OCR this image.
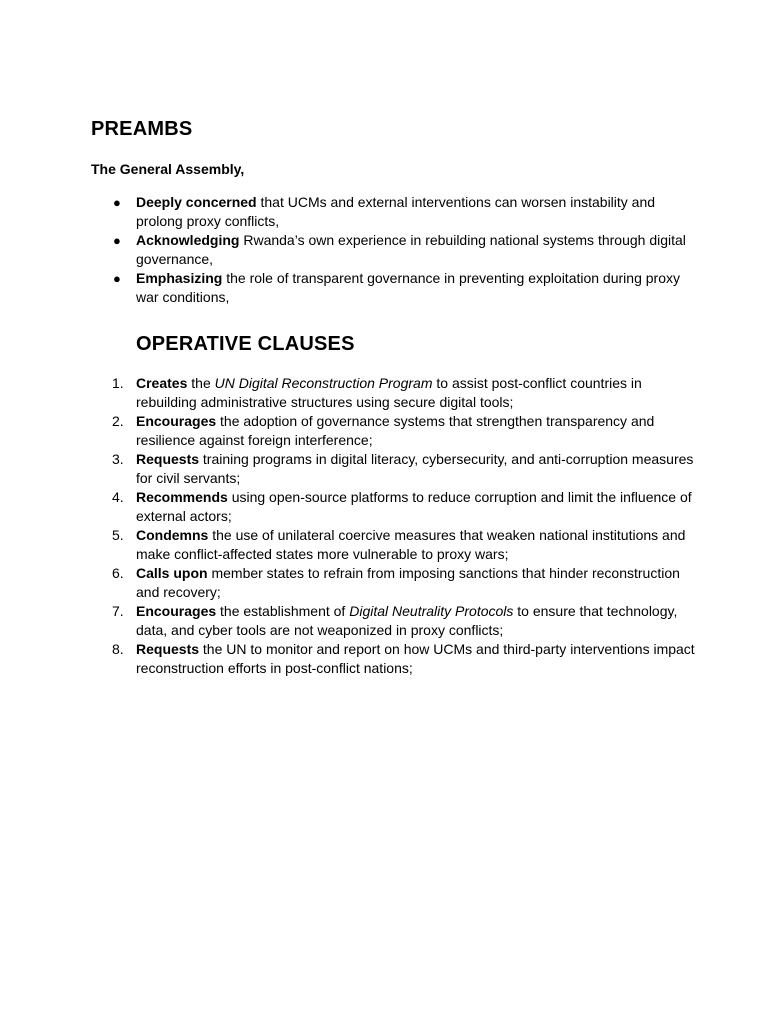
PREAMBS

The General Assembly,

● Deeply concerned that UCMs and external interventions can worsen instability and prolong proxy conflicts,
● Acknowledging Rwanda’s own experience in rebuilding national systems through digital governance,
● Emphasizing the role of transparent governance in preventing exploitation during proxy war conditions,
OPERATIVE CLAUSES
1. Creates the UN Digital Reconstruction Program to assist post-conflict countries in rebuilding administrative structures using secure digital tools;
2. Encourages the adoption of governance systems that strengthen transparency and resilience against foreign interference;
3. Requests training programs in digital literacy, cybersecurity, and anti-corruption measures for civil servants;
4. Recommends using open-source platforms to reduce corruption and limit the influence of external actors;
5. Condemns the use of unilateral coercive measures that weaken national institutions and make conflict-affected states more vulnerable to proxy wars;
6. Calls upon member states to refrain from imposing sanctions that hinder reconstruction and recovery;
7. Encourages the establishment of Digital Neutrality Protocols to ensure that technology, data, and cyber tools are not weaponized in proxy conflicts;
8. Requests the UN to monitor and report on how UCMs and third-party interventions impact reconstruction efforts in post-conflict nations;
